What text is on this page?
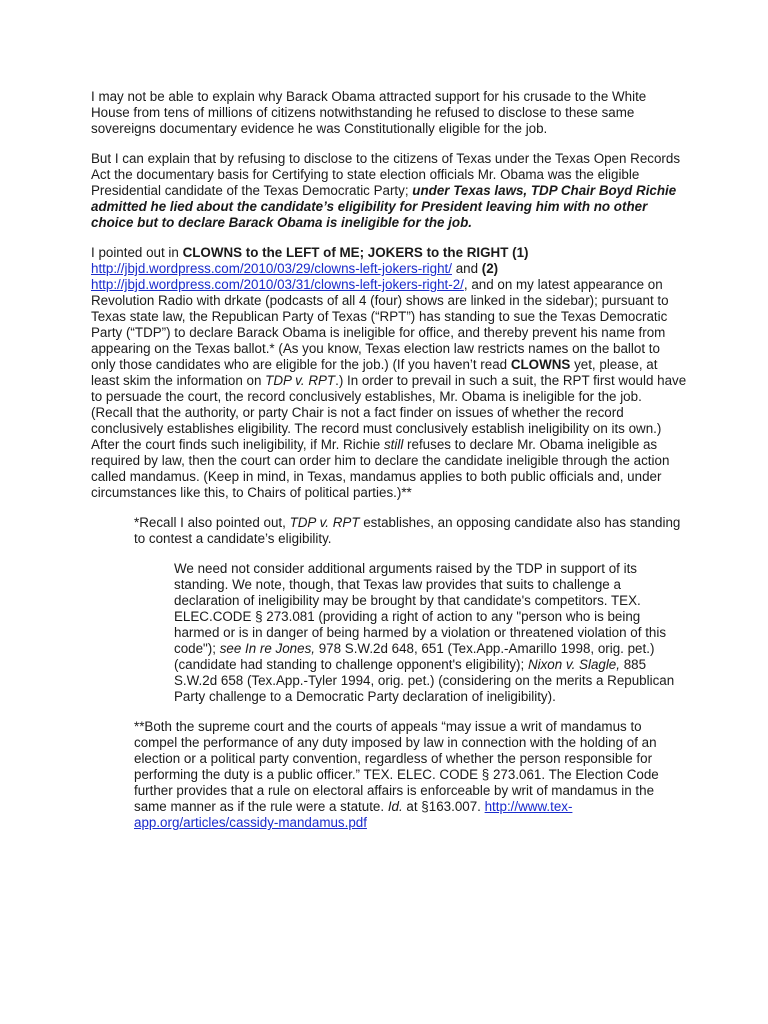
I may not be able to explain why Barack Obama attracted support for his crusade to the White House from tens of millions of citizens notwithstanding he refused to disclose to these same sovereigns documentary evidence he was Constitutionally eligible for the job.

But I can explain that by refusing to disclose to the citizens of Texas under the Texas Open Records Act the documentary basis for Certifying to state election officials Mr. Obama was the eligible Presidential candidate of the Texas Democratic Party; under Texas laws, TDP Chair Boyd Richie admitted he lied about the candidate’s eligibility for President leaving him with no other choice but to declare Barack Obama is ineligible for the job.

I pointed out in CLOWNS to the LEFT of ME; JOKERS to the RIGHT (1)
http://jbjd.wordpress.com/2010/03/29/clowns-left-jokers-right/ and (2)
http://jbjd.wordpress.com/2010/03/31/clowns-left-jokers-right-2/, and on my latest appearance on Revolution Radio with drkate (podcasts of all 4 (four) shows are linked in the sidebar); pursuant to Texas state law, the Republican Party of Texas (“RPT”) has standing to sue the Texas Democratic Party (“TDP”) to declare Barack Obama is ineligible for office, and thereby prevent his name from appearing on the Texas ballot.* (As you know, Texas election law restricts names on the ballot to only those candidates who are eligible for the job.) (If you haven’t read CLOWNS yet, please, at least skim the information on TDP v. RPT.) In order to prevail in such a suit, the RPT first would have to persuade the court, the record conclusively establishes, Mr. Obama is ineligible for the job. (Recall that the authority, or party Chair is not a fact finder on issues of whether the record conclusively establishes eligibility. The record must conclusively establish ineligibility on its own.) After the court finds such ineligibility, if Mr. Richie still refuses to declare Mr. Obama ineligible as required by law, then the court can order him to declare the candidate ineligible through the action called mandamus. (Keep in mind, in Texas, mandamus applies to both public officials and, under circumstances like this, to Chairs of political parties.)**

*Recall I also pointed out, TDP v. RPT establishes, an opposing candidate also has standing to contest a candidate’s eligibility.

We need not consider additional arguments raised by the TDP in support of its standing. We note, though, that Texas law provides that suits to challenge a declaration of ineligibility may be brought by that candidate's competitors. TEX. ELEC.CODE § 273.081 (providing a right of action to any "person who is being harmed or is in danger of being harmed by a violation or threatened violation of this code"); see In re Jones, 978 S.W.2d 648, 651 (Tex.App.-Amarillo 1998, orig. pet.) (candidate had standing to challenge opponent's eligibility); Nixon v. Slagle, 885 S.W.2d 658 (Tex.App.-Tyler 1994, orig. pet.) (considering on the merits a Republican Party challenge to a Democratic Party declaration of ineligibility).

**Both the supreme court and the courts of appeals “may issue a writ of mandamus to compel the performance of any duty imposed by law in connection with the holding of an election or a political party convention, regardless of whether the person responsible for performing the duty is a public officer.” TEX. ELEC. CODE § 273.061. The Election Code further provides that a rule on electoral affairs is enforceable by writ of mandamus in the same manner as if the rule were a statute. Id. at §163.007. http://www.tex-app.org/articles/cassidy-mandamus.pdf
